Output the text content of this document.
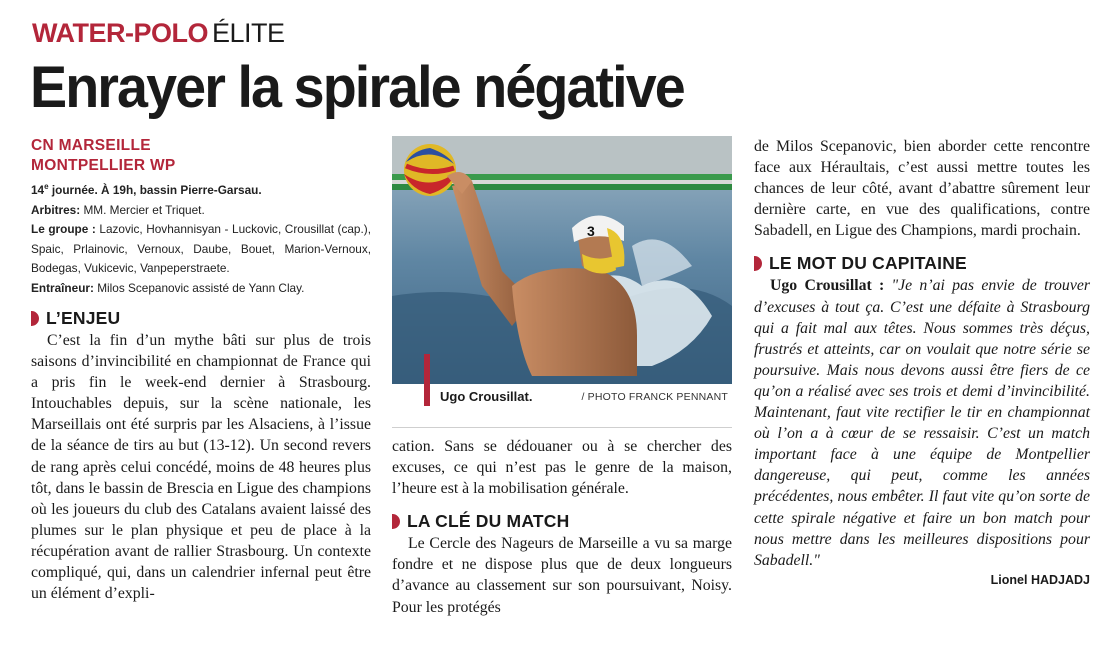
WATER-POLO ÉLITE
Enrayer la spirale négative
CN MARSEILLE
MONTPELLIER WP

14e journée. À 19h, bassin Pierre-Garsau.

Arbitres: MM. Mercier et Triquet.

Le groupe : Lazovic, Hovhannisyan - Luckovic, Crousillat (cap.), Spaic, Prlainovic, Vernoux, Daube, Bouet, Marion-Vernoux, Bodegas, Vukicevic, Vanpeperstraete.

Entraîneur: Milos Scepanovic assisté de Yann Clay.

L’ENJEU

C’est la fin d’un mythe bâti sur plus de trois saisons d’invincibilité en championnat de France qui a pris fin le week-end dernier à Strasbourg. Intouchables depuis, sur la scène nationale, les Marseillais ont été surpris par les Alsaciens, à l’issue de la séance de tirs au but (13-12). Un second revers de rang après celui concédé, moins de 48 heures plus tôt, dans le bassin de Brescia en Ligue des champions où les joueurs du club des Catalans avaient laissé des plumes sur le plan physique et peu de place à la récupération avant de rallier Strasbourg. Un contexte compliqué, qui, dans un calendrier infernal peut être un élément d’expli-

3
Ugo Crousillat.	/ PHOTO FRANCK PENNANT

cation. Sans se dédouaner ou à se chercher des excuses, ce qui n’est pas le genre de la maison, l’heure est à la mobilisation générale.

LA CLÉ DU MATCH

Le Cercle des Nageurs de Marseille a vu sa marge fondre et ne dispose plus que de deux longueurs d’avance au classement sur son poursuivant, Noisy. Pour les protégés

de Milos Scepanovic, bien aborder cette rencontre face aux Héraultais, c’est aussi mettre toutes les chances de leur côté, avant d’abattre sûrement leur dernière carte, en vue des qualifications, contre Sabadell, en Ligue des Champions, mardi prochain.

LE MOT DU CAPITAINE

Ugo Crousillat : "Je n’ai pas envie de trouver d’excuses à tout ça. C’est une défaite à Strasbourg qui a fait mal aux têtes. Nous sommes très déçus, frustrés et atteints, car on voulait que notre série se poursuive. Mais nous devons aussi être fiers de ce qu’on a réalisé avec ses trois et demi d’invincibilité. Maintenant, faut vite rectifier le tir en championnat où l’on a à cœur de se ressaisir. C’est un match important face à une équipe de Montpellier dangereuse, qui peut, comme les années précédentes, nous embêter. Il faut vite qu’on sorte de cette spirale négative et faire un bon match pour nous mettre dans les meilleures dispositions pour Sabadell."

Lionel HADJADJ
